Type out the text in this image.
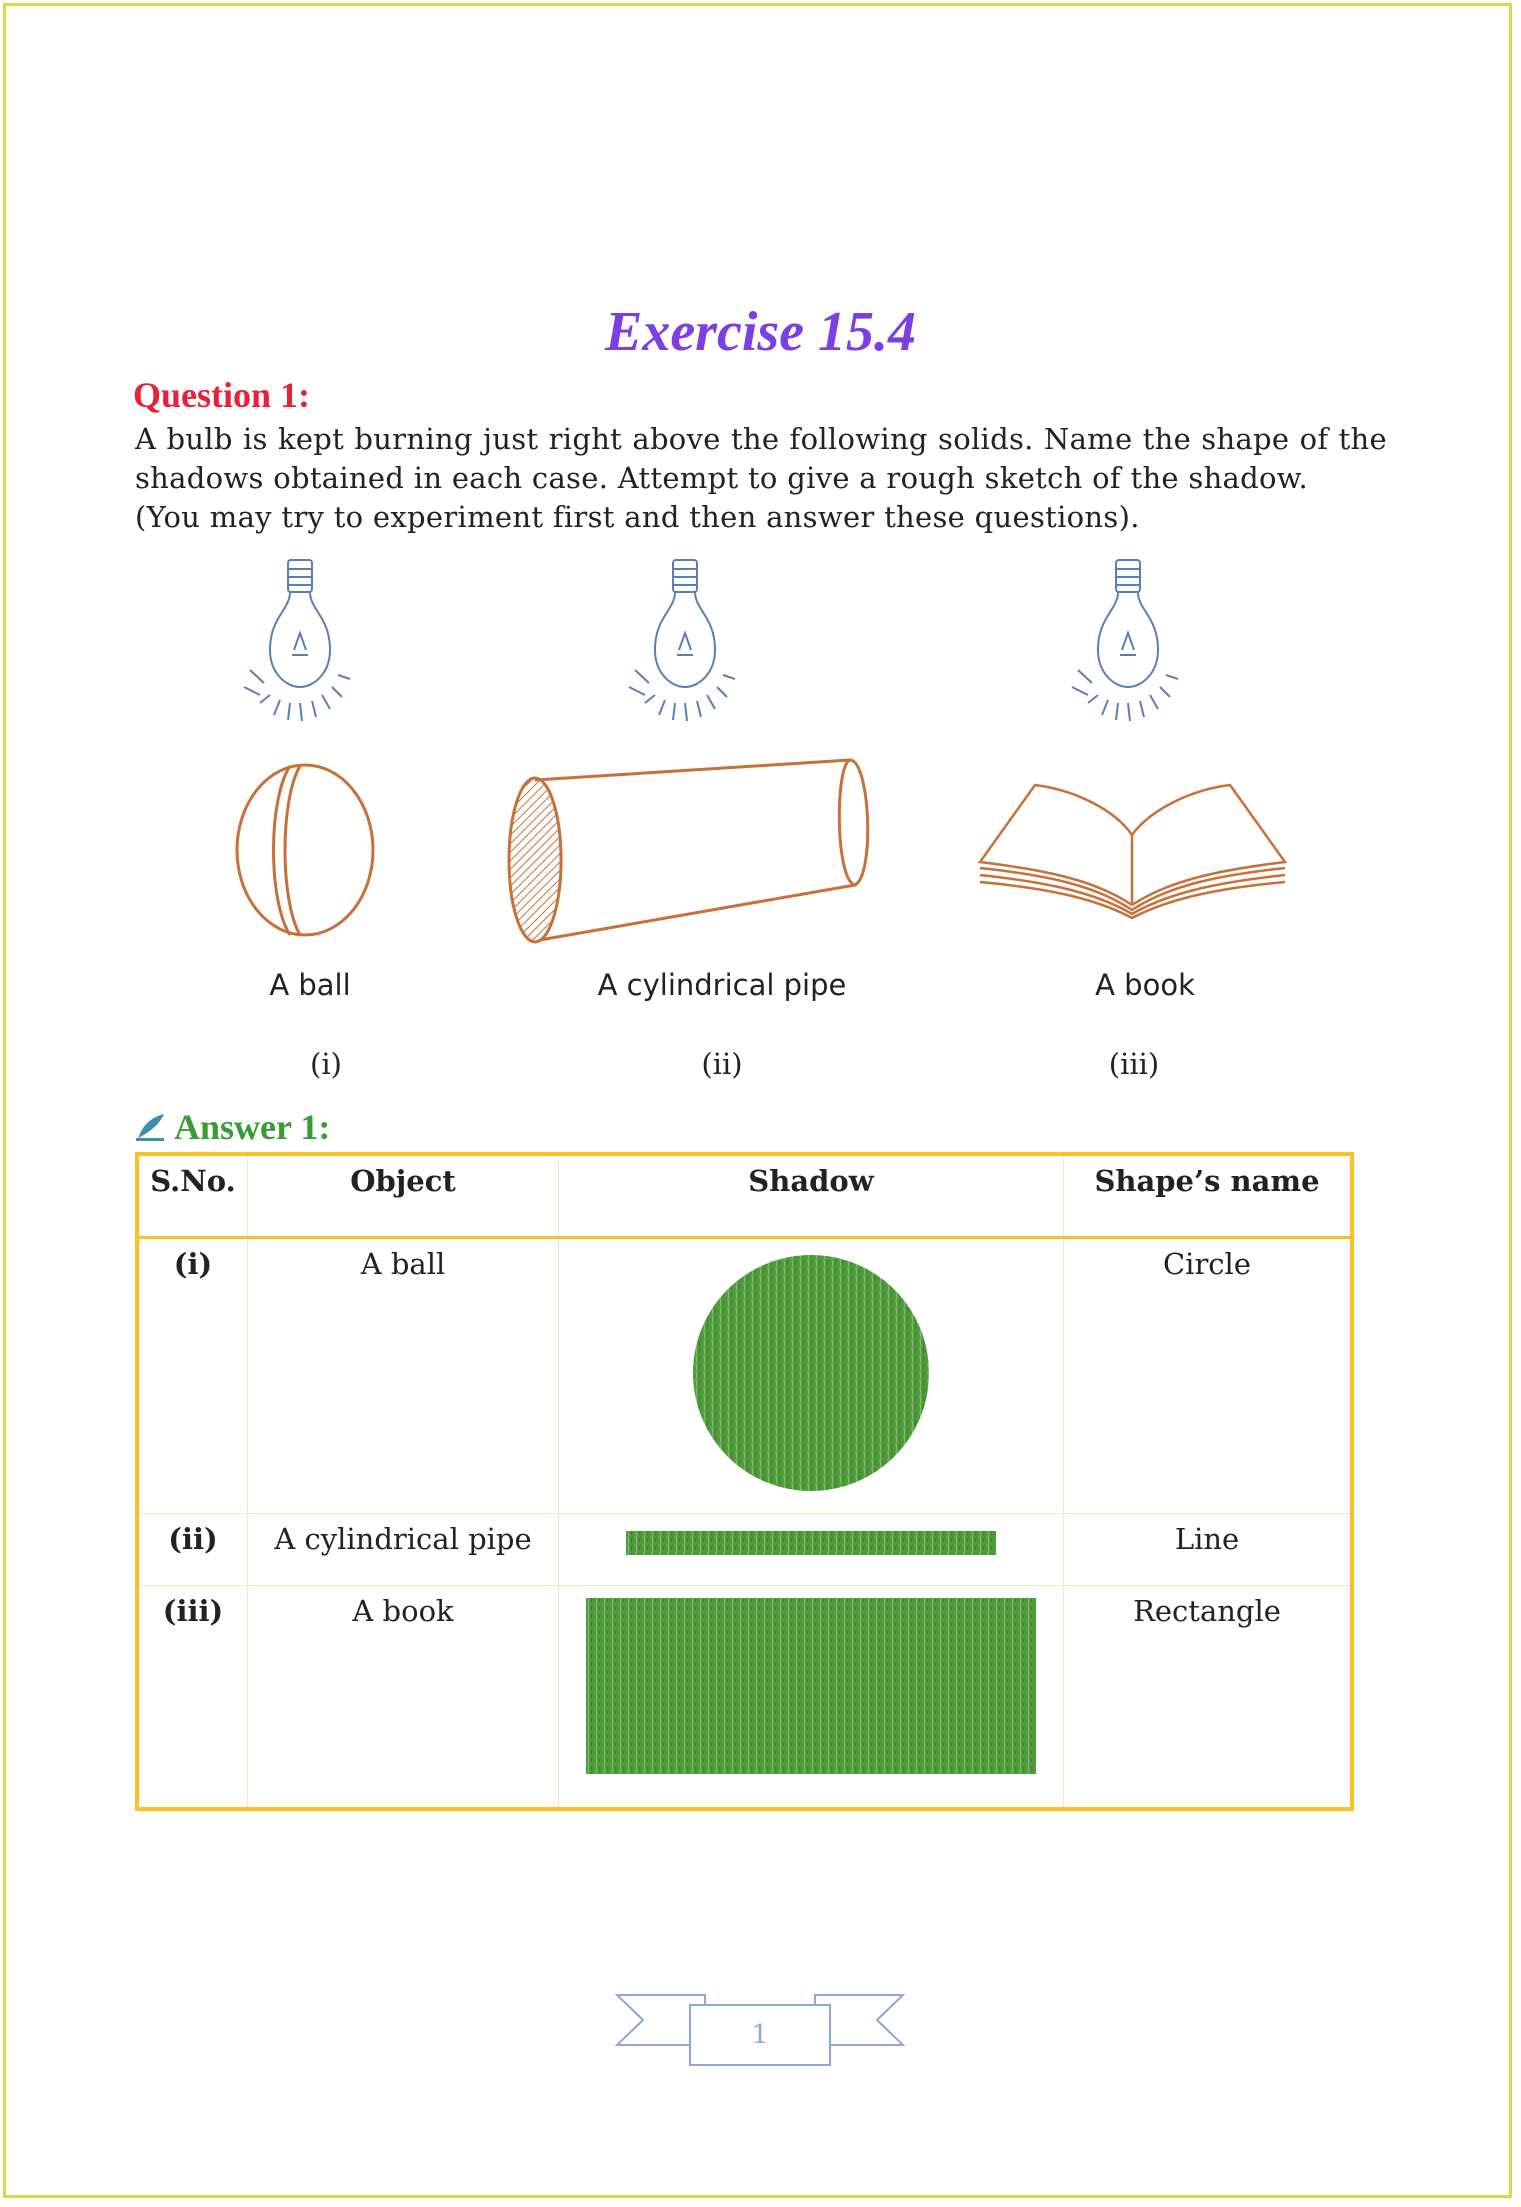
Exercise 15.4
Question 1:

A bulb is kept burning just right above the following solids. Name the shape of the shadows obtained in each case. Attempt to give a rough sketch of the shadow.

(You may try to experiment first and then answer these questions).

A ball	A cylindrical pipe	A book
(i)	(ii)	(iii)
Answer 1:
S.No.	Object	Shadow	Shape’s name
(i)	A ball		Circle
(ii)	A cylindrical pipe		Line
(iii)	A book		Rectangle
1
